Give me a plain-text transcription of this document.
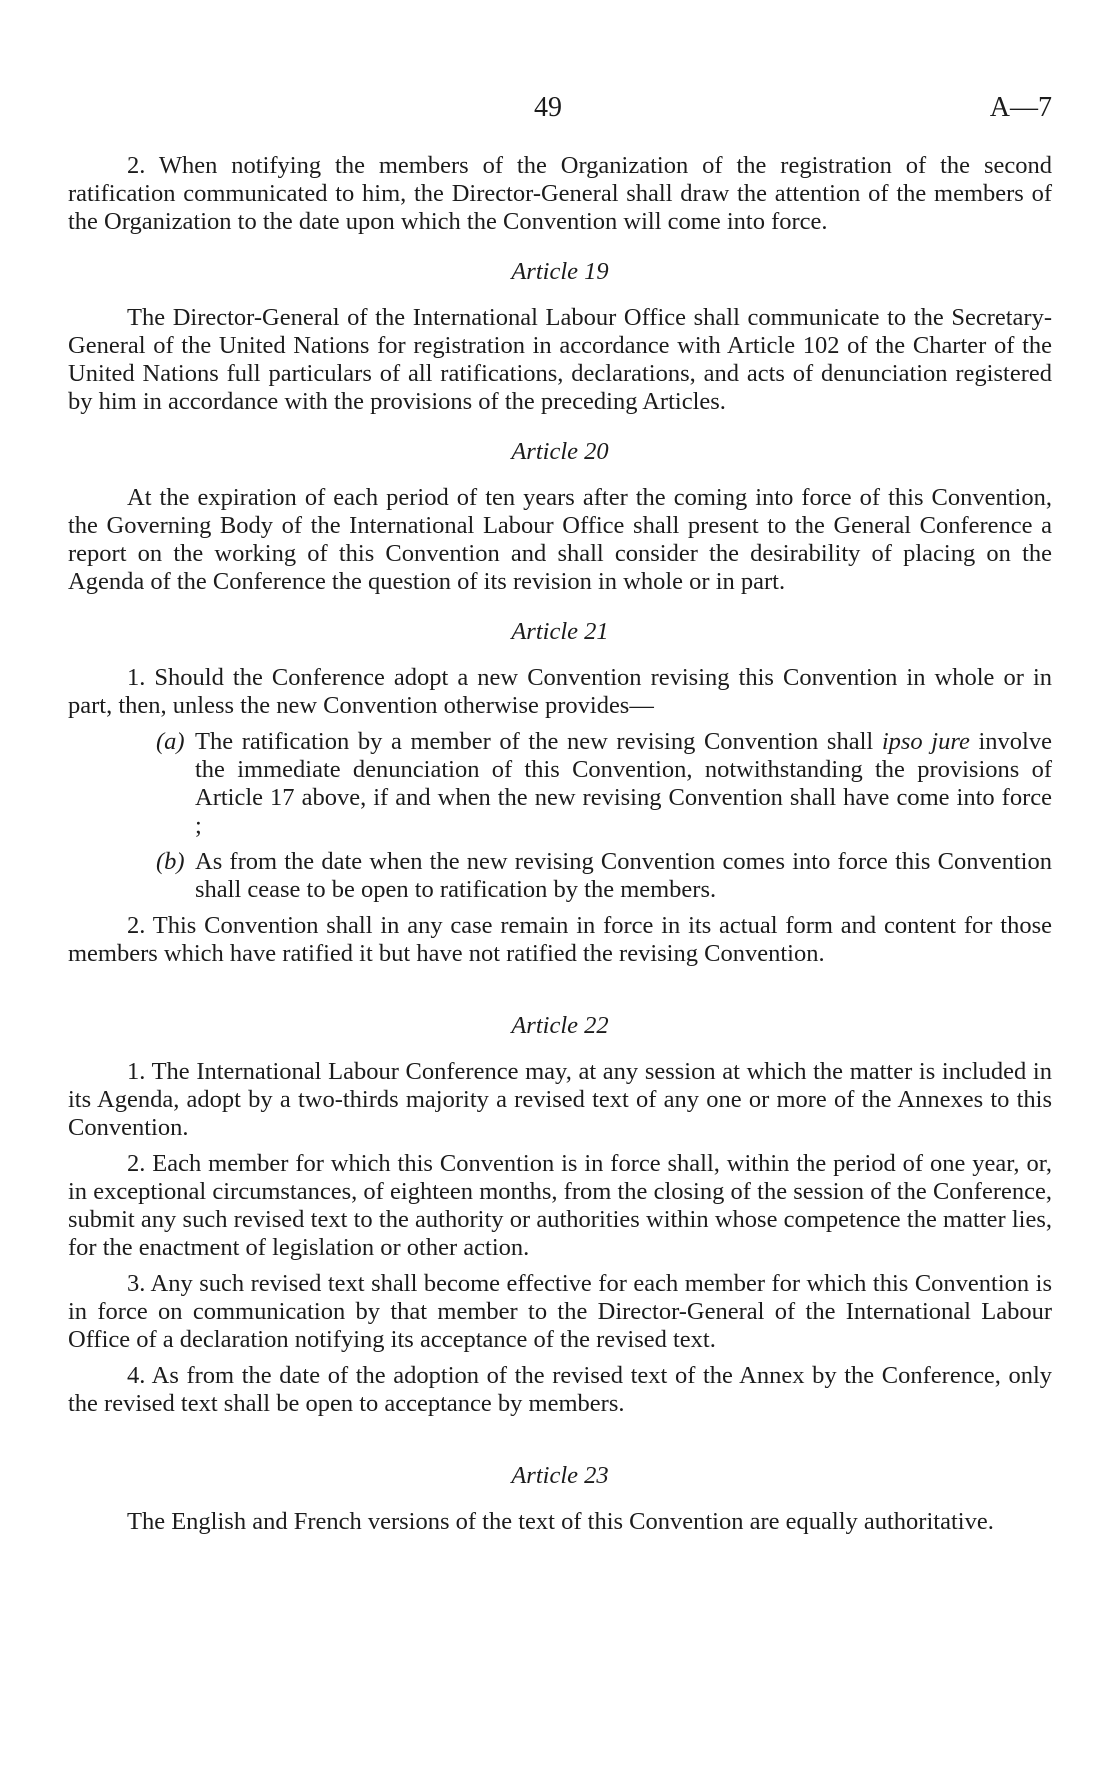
49	A—7

2. When notifying the members of the Organization of the registration of the second ratification communicated to him, the Director-General shall draw the attention of the members of the Organization to the date upon which the Convention will come into force.

Article 19

The Director-General of the International Labour Office shall communicate to the Secretary-General of the United Nations for registration in accordance with Article 102 of the Charter of the United Nations full particulars of all ratifications, declarations, and acts of denunciation registered by him in accordance with the provisions of the preceding Articles.

Article 20

At the expiration of each period of ten years after the coming into force of this Convention, the Governing Body of the International Labour Office shall present to the General Conference a report on the working of this Convention and shall consider the desirability of placing on the Agenda of the Conference the question of its revision in whole or in part.

Article 21

1. Should the Conference adopt a new Convention revising this Convention in whole or in part, then, unless the new Convention otherwise provides—

(a) The ratification by a member of the new revising Convention shall ipso jure involve the immediate denunciation of this Convention, notwithstanding the provisions of Article 17 above, if and when the new revising Convention shall have come into force ;
(b) As from the date when the new revising Convention comes into force this Convention shall cease to be open to ratification by the members.

2. This Convention shall in any case remain in force in its actual form and content for those members which have ratified it but have not ratified the revising Convention.

Article 22

1. The International Labour Conference may, at any session at which the matter is included in its Agenda, adopt by a two-thirds majority a revised text of any one or more of the Annexes to this Convention.

2. Each member for which this Convention is in force shall, within the period of one year, or, in exceptional circumstances, of eighteen months, from the closing of the session of the Conference, submit any such revised text to the authority or authorities within whose competence the matter lies, for the enactment of legislation or other action.

3. Any such revised text shall become effective for each member for which this Convention is in force on communication by that member to the Director-General of the International Labour Office of a declaration notifying its acceptance of the revised text.

4. As from the date of the adoption of the revised text of the Annex by the Conference, only the revised text shall be open to acceptance by members.

Article 23

The English and French versions of the text of this Convention are equally authoritative.
